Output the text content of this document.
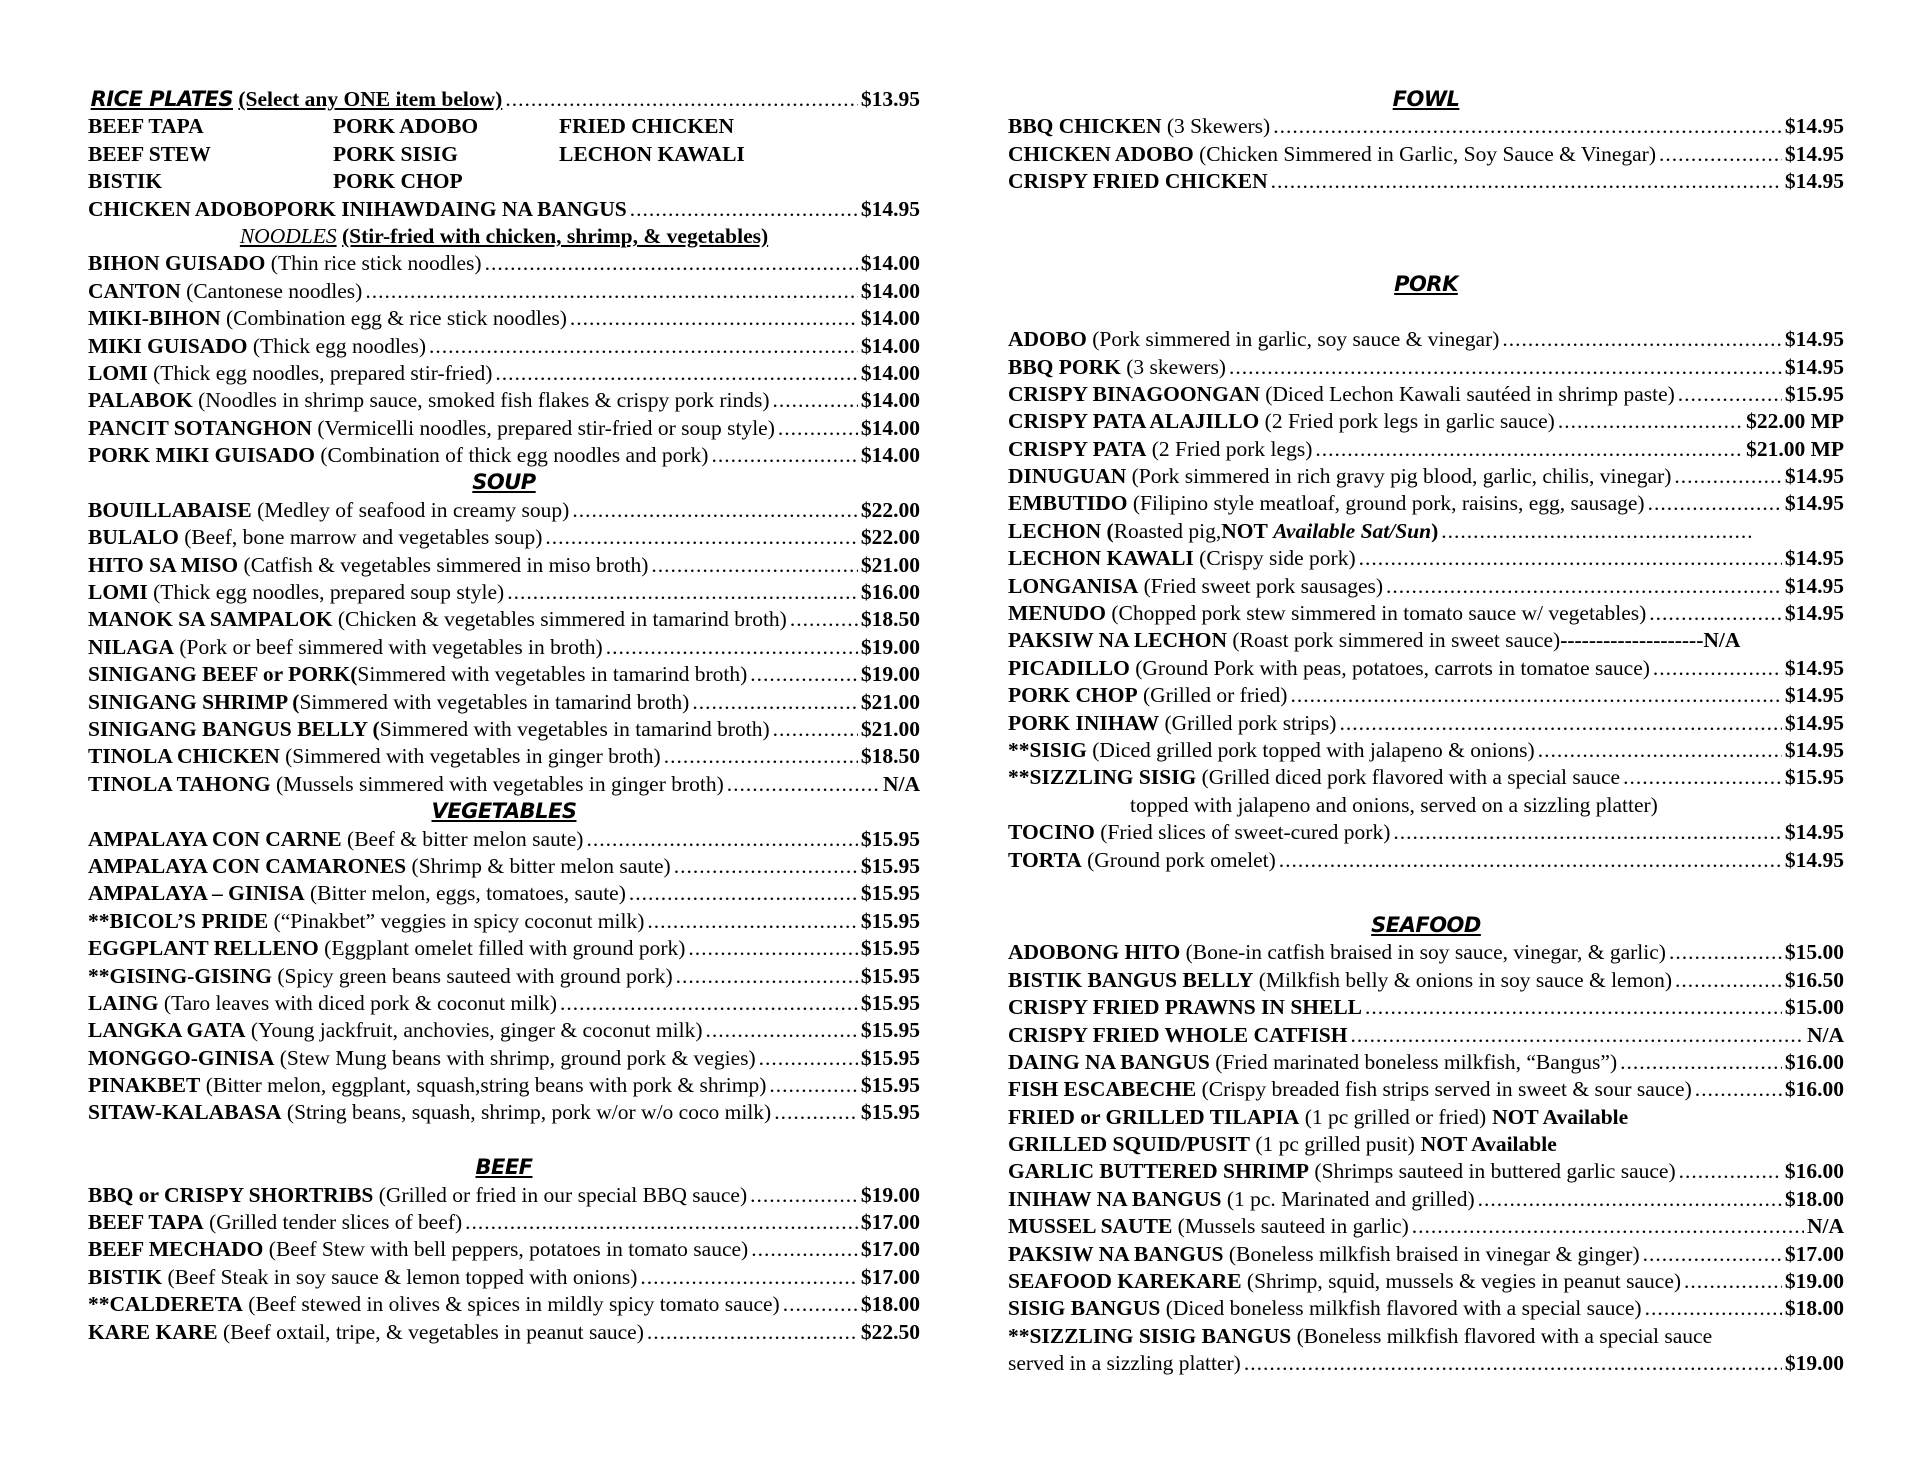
RICE PLATES (Select any ONE item below) .....	$13.95
BEEF TAPA	PORK ADOBO	FRIED CHICKEN
BEEF STEW	PORK SISIG	LECHON KAWALI
BISTIK	PORK CHOP
CHICKEN ADOBO PORK INIHAW DAING NA BANGUS .....	$14.95
NOODLES (Stir-fried with chicken, shrimp, & vegetables)
BIHON GUISADO
(Thin rice stick noodles) .....	$14.00
CANTON
(Cantonese noodles) .....	$14.00
MIKI-BIHON
(Combination egg & rice stick noodles) .....	$14.00
MIKI GUISADO
(Thick egg noodles) .....	$14.00
LOMI
(Thick egg noodles, prepared stir-fried) .....	$14.00
PALABOK
(Noodles in shrimp sauce, smoked fish flakes & crispy pork rinds) .....	$14.00
PANCIT SOTANGHON
(Vermicelli noodles, prepared stir-fried or soup style) .....	$14.00
PORK MIKI GUISADO
(Combination of thick egg noodles and pork) .....	$14.00
SOUP
BOUILLABAISE
(Medley of seafood in creamy soup) .....	$22.00
BULALO
(Beef, bone marrow and vegetables soup) .....	$22.00
HITO SA MISO
(Catfish & vegetables simmered in miso broth) .....	$21.00
LOMI
(Thick egg noodles, prepared soup style) .....	$16.00
MANOK SA SAMPALOK
(Chicken & vegetables simmered in tamarind broth) .....	$18.50
NILAGA
(Pork or beef simmered with vegetables in broth) .....	$19.00
SINIGANG BEEF or PORK( Simmered with vegetables in tamarind broth) .....	$19.00
SINIGANG SHRIMP ( Simmered with vegetables in tamarind broth) .....	$21.00
SINIGANG BANGUS BELLY ( Simmered with vegetables in tamarind broth) .....	$21.00
TINOLA CHICKEN
(Simmered with vegetables in ginger broth) .....	$18.50
TINOLA TAHONG
(Mussels simmered with vegetables in ginger broth) .....	N/A
VEGETABLES
AMPALAYA CON CARNE
(Beef & bitter melon saute) .....	$15.95
AMPALAYA CON CAMARONES
(Shrimp & bitter melon saute) .....	$15.95
AMPALAYA – GINISA
(Bitter melon, eggs, tomatoes, saute) .....	$15.95
**BICOL’S PRIDE
(“Pinakbet” veggies in spicy coconut milk) .....	$15.95
EGGPLANT RELLENO
(Eggplant omelet filled with ground pork) .....	$15.95
**GISING-GISING
(Spicy green beans sauteed with ground pork) .....	$15.95
LAING
(Taro leaves with diced pork & coconut milk) .....	$15.95
LANGKA GATA
(Young jackfruit, anchovies, ginger & coconut milk) .....	$15.95
MONGGO-GINISA
(Stew Mung beans with shrimp, ground pork & vegies) .....	$15.95
PINAKBET
(Bitter melon, eggplant, squash,string beans with pork & shrimp) .....	$15.95
SITAW-KALABASA
(String beans, squash, shrimp, pork w/or w/o coco milk) .....	$15.95
BEEF
BBQ or CRISPY SHORTRIBS
(Grilled or fried in our special BBQ sauce) .....	$19.00
BEEF TAPA
(Grilled tender slices of beef) .....	$17.00
BEEF MECHADO
(Beef Stew with bell peppers, potatoes in tomato sauce) .....	$17.00
BISTIK
(Beef Steak in soy sauce & lemon topped with onions) .....	$17.00
**CALDERETA
(Beef stewed in olives & spices in mildly spicy tomato sauce) .....	$18.00
KARE KARE
(Beef oxtail, tripe, & vegetables in peanut sauce) .....	$22.50
FOWL
BBQ CHICKEN
(3 Skewers) .....	$14.95
CHICKEN ADOBO
(Chicken Simmered in Garlic, Soy Sauce & Vinegar) .....	$14.95
CRISPY FRIED CHICKEN .....	$14.95
PORK
ADOBO
(Pork simmered in garlic, soy sauce & vinegar) .....	$14.95
BBQ PORK
(3 skewers) .....	$14.95
CRISPY BINAGOONGAN
(Diced Lechon Kawali sautéed in shrimp paste) .....	$15.95
CRISPY PATA ALAJILLO
(2 Fried pork legs in garlic sauce) .....	$22.00 MP
CRISPY PATA
(2 Fried pork legs) .....	$21.00 MP
DINUGUAN
(Pork simmered in rich gravy pig blood, garlic, chilis, vinegar) .....	$14.95
EMBUTIDO
(Filipino style meatloaf, ground pork, raisins, egg, sausage) .....	$14.95
LECHON ( Roasted pig, NOT
Available Sat/Sun )
.....
LECHON KAWALI
(Crispy side pork) .....	$14.95
LONGANISA
(Fried sweet pork sausages) .....	$14.95
MENUDO
(Chopped pork stew simmered in tomato sauce w/ vegetables) .....	$14.95
PAKSIW NA LECHON
(Roast pork simmered in sweet sauce) -------------------- N/A
PICADILLO
(Ground Pork with peas, potatoes, carrots in tomatoe sauce) .....	$14.95
PORK CHOP
(Grilled or fried) .....	$14.95
PORK INIHAW
(Grilled pork strips) .....	$14.95
**SISIG
(Diced grilled pork topped with jalapeno & onions) .....	$14.95
**SIZZLING SISIG
(Grilled diced pork flavored with a special sauce .....	$15.95
topped with jalapeno and onions, served on a sizzling platter)
TOCINO
(Fried slices of sweet-cured pork) .....	$14.95
TORTA
(Ground pork omelet) .....	$14.95
SEAFOOD
ADOBONG HITO
(Bone-in catfish braised in soy sauce, vinegar, & garlic) .....	$15.00
BISTIK BANGUS BELLY
(Milkfish belly & onions in soy sauce & lemon) .....	$16.50
CRISPY FRIED PRAWNS IN SHELL .....	$15.00
CRISPY FRIED WHOLE CATFISH .....	N/A
DAING NA BANGUS
(Fried marinated boneless milkfish, “Bangus”) .....	$16.00
FISH ESCABECHE
(Crispy breaded fish strips served in sweet & sour sauce) .....	$16.00
FRIED or GRILLED TILAPIA
(1 pc grilled or fried) NOT Available
GRILLED SQUID/PUSIT
(1 pc grilled pusit) NOT Available
GARLIC BUTTERED SHRIMP
(Shrimps sauteed in buttered garlic sauce) .....	$16.00
INIHAW NA BANGUS
(1 pc. Marinated and grilled) .....	$18.00
MUSSEL SAUTE
(Mussels sauteed in garlic) .....	N/A
PAKSIW NA BANGUS
(Boneless milkfish braised in vinegar & ginger) .....	$17.00
SEAFOOD KAREKARE
(Shrimp, squid, mussels & vegies in peanut sauce) .....	$19.00
SISIG BANGUS
(Diced boneless milkfish flavored with a special sauce) .....	$18.00
**SIZZLING SISIG BANGUS
(Boneless milkfish flavored with a special sauce
served in a sizzling platter) .....	$19.00
